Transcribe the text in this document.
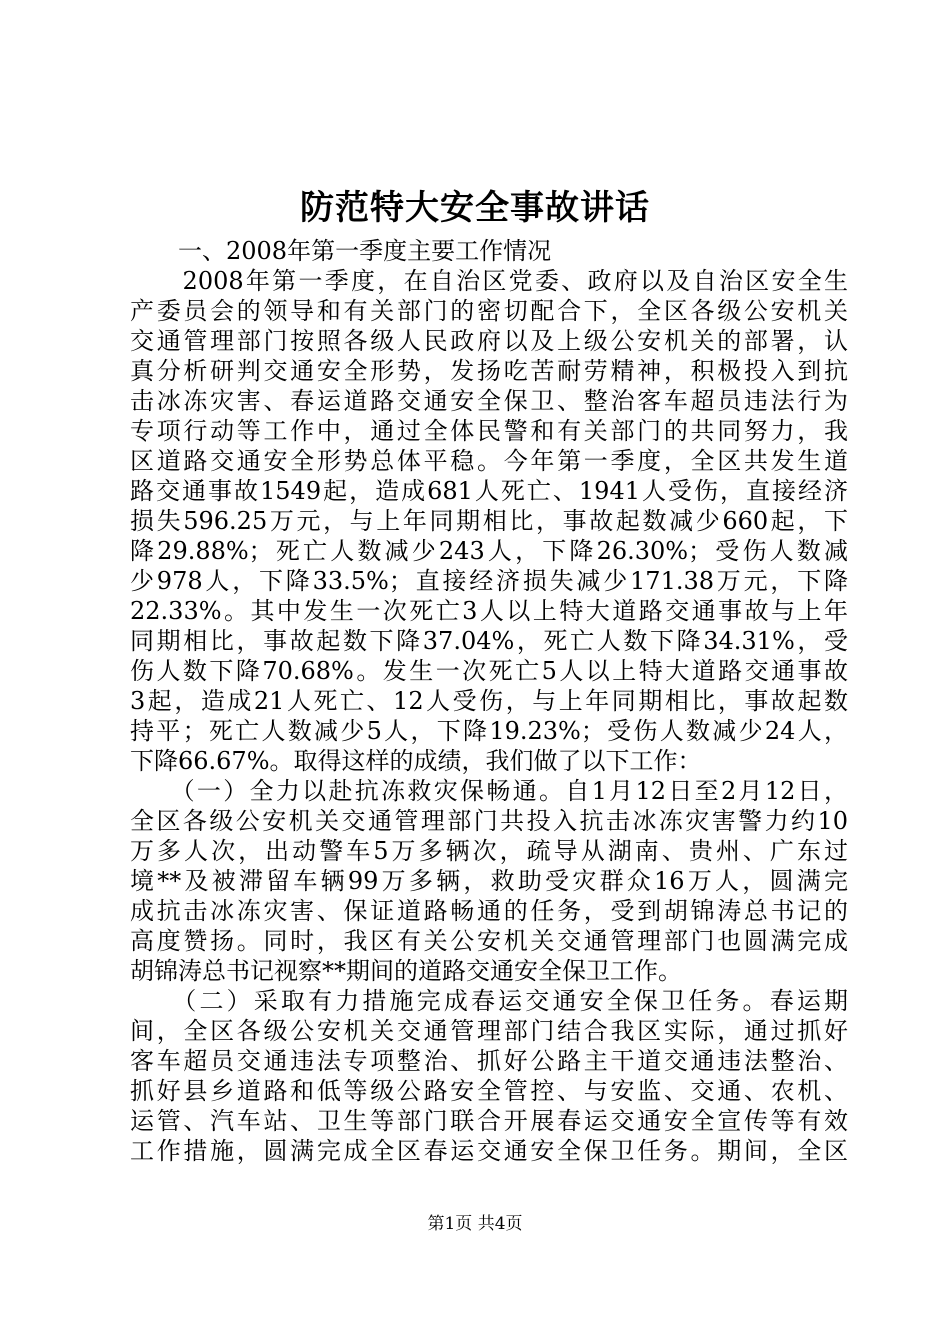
防范特大安全事故讲话
　　一、2008年第一季度主要工作情况
　　2008年第一季度，在自治区党委、政府以及自治区安全生
产委员会的领导和有关部门的密切配合下，全区各级公安机关
交通管理部门按照各级人民政府以及上级公安机关的部署，认
真分析研判交通安全形势，发扬吃苦耐劳精神，积极投入到抗
击冰冻灾害、春运道路交通安全保卫、整治客车超员违法行为
专项行动等工作中，通过全体民警和有关部门的共同努力，我
区道路交通安全形势总体平稳。今年第一季度，全区共发生道
路交通事故1549起，造成681人死亡、1941人受伤，直接经济
损失596.25万元，与上年同期相比，事故起数减少660起，下
降29.88%；死亡人数减少243人，下降26.30%；受伤人数减
少978人，下降33.5%；直接经济损失减少171.38万元，下降
22.33%。其中发生一次死亡3人以上特大道路交通事故与上年
同期相比，事故起数下降37.04%，死亡人数下降34.31%，受
伤人数下降70.68%。发生一次死亡5人以上特大道路交通事故
3起，造成21人死亡、12人受伤，与上年同期相比，事故起数
持平；死亡人数减少5人，下降19.23%；受伤人数减少24人，
下降66.67%。取得这样的成绩，我们做了以下工作：
　　（一）全力以赴抗冻救灾保畅通。自1月12日至2月12日，
全区各级公安机关交通管理部门共投入抗击冰冻灾害警力约10
万多人次，出动警车5万多辆次，疏导从湖南、贵州、广东过
境**及被滞留车辆99万多辆，救助受灾群众16万人，圆满完
成抗击冰冻灾害、保证道路畅通的任务，受到胡锦涛总书记的
高度赞扬。同时，我区有关公安机关交通管理部门也圆满完成
胡锦涛总书记视察**期间的道路交通安全保卫工作。
　　（二）采取有力措施完成春运交通安全保卫任务。春运期
间，全区各级公安机关交通管理部门结合我区实际，通过抓好
客车超员交通违法专项整治、抓好公路主干道交通违法整治、
抓好县乡道路和低等级公路安全管控、与安监、交通、农机、
运管、汽车站、卫生等部门联合开展春运交通安全宣传等有效
工作措施，圆满完成全区春运交通安全保卫任务。期间，全区
第1页 共4页
